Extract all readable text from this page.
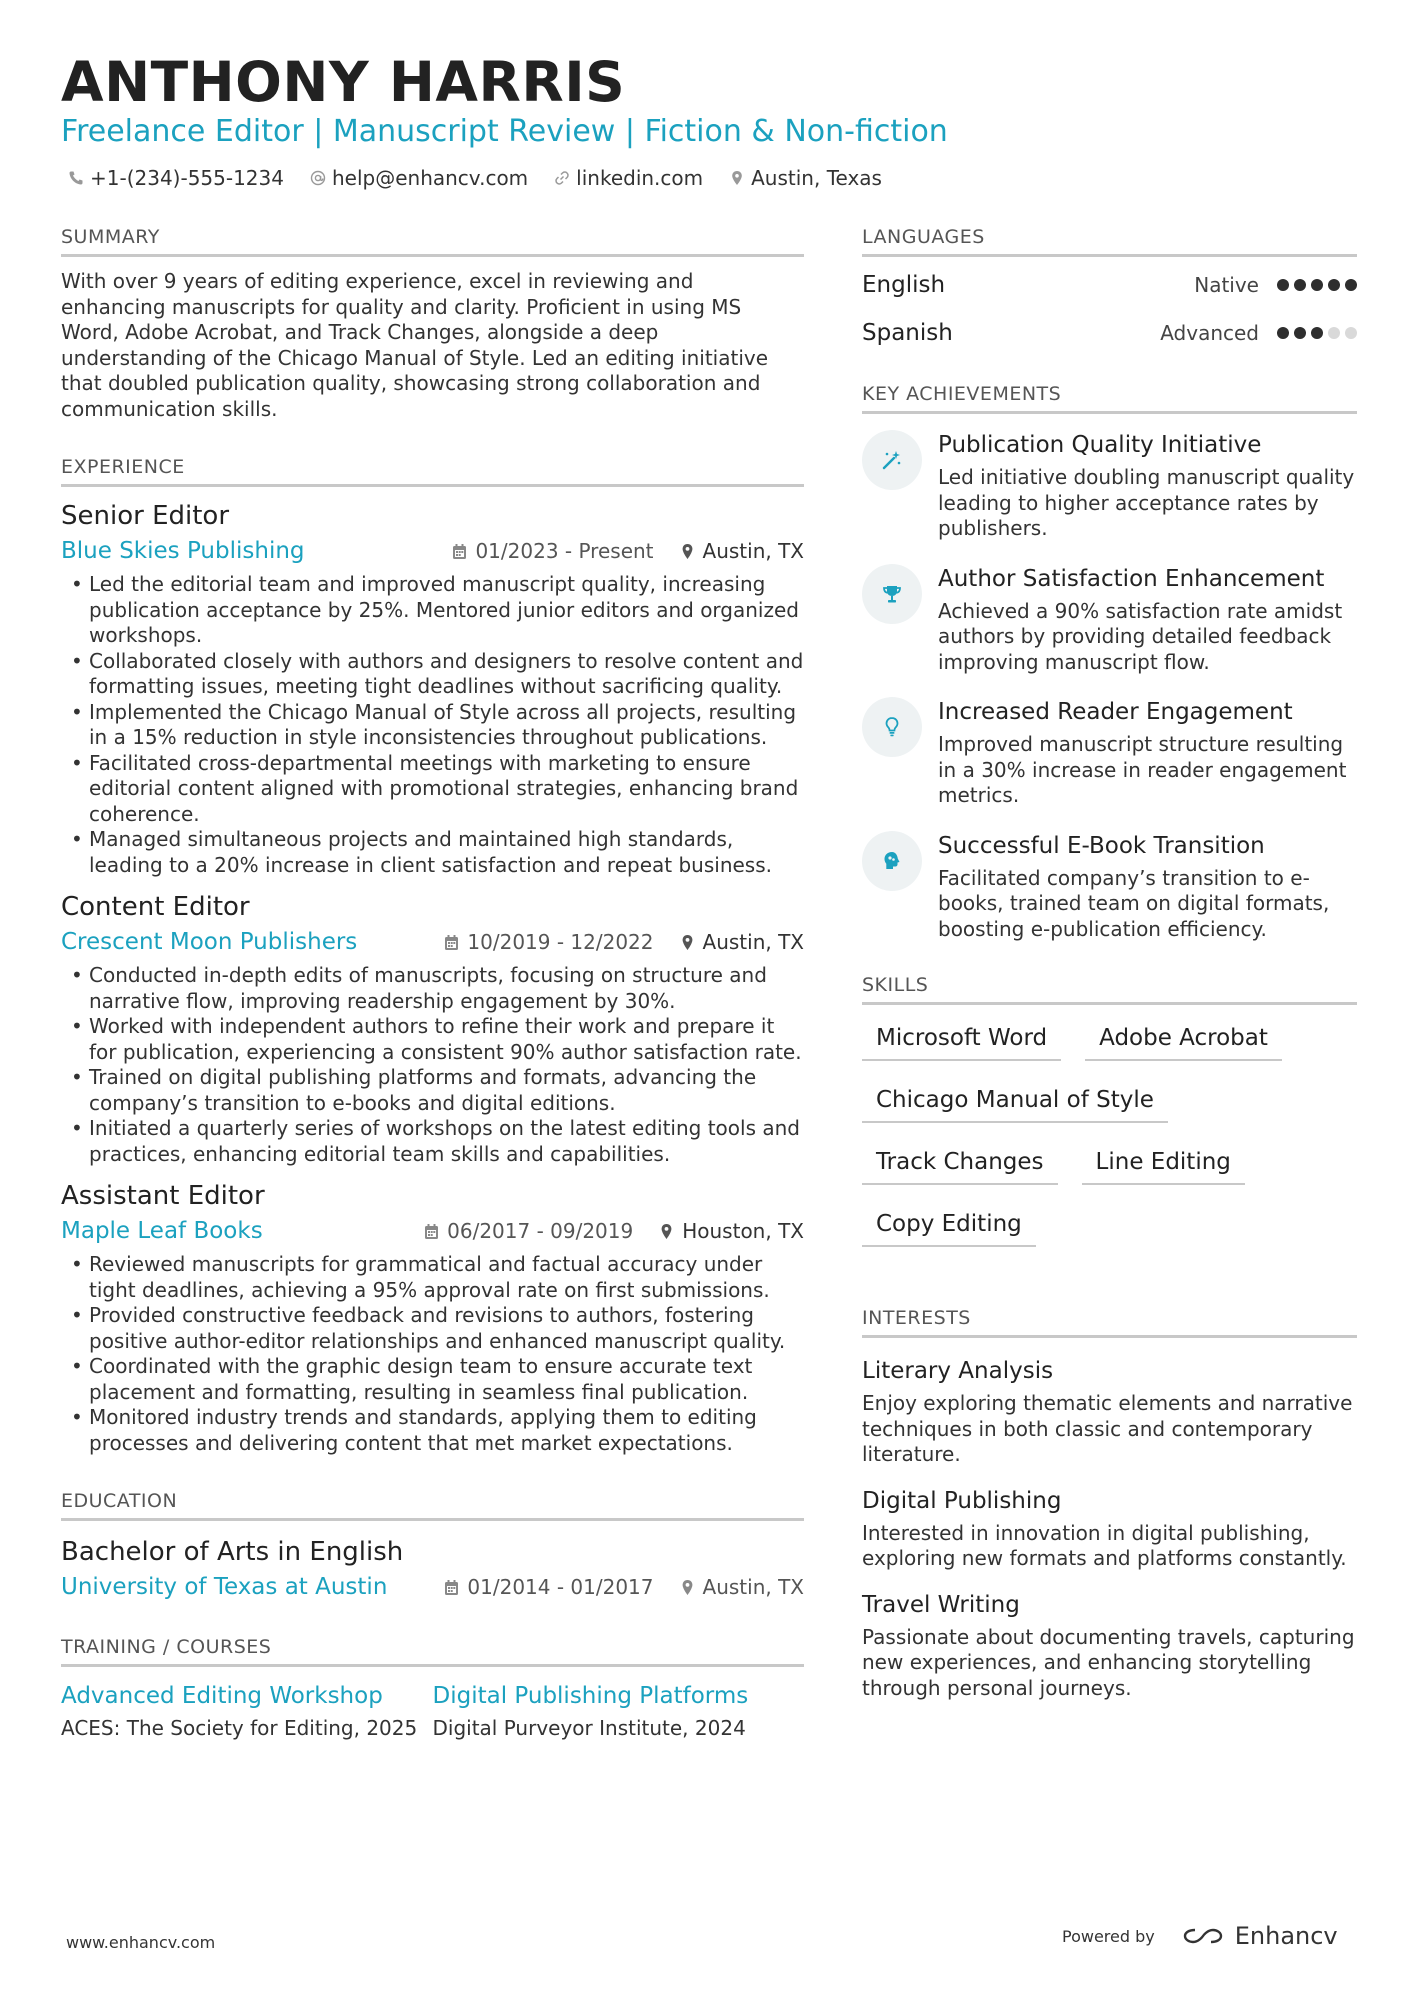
ANTHONY HARRIS
Freelance Editor | Manuscript Review | Fiction & Non-fiction
+1-(234)-555-1234 help@enhancv.com linkedin.com Austin, Texas
SUMMARY
With over 9 years of editing experience, excel in reviewing and enhancing manuscripts for quality and clarity. Proficient in using MS Word, Adobe Acrobat, and Track Changes, alongside a deep understanding of the Chicago Manual of Style. Led an editing initiative that doubled publication quality, showcasing strong collaboration and communication skills.
EXPERIENCE
Senior Editor
Blue Skies Publishing	01/2023 - Present Austin, TX
• Led the editorial team and improved manuscript quality, increasing publication acceptance by 25%. Mentored junior editors and organized workshops.
• Collaborated closely with authors and designers to resolve content and formatting issues, meeting tight deadlines without sacrificing quality.
• Implemented the Chicago Manual of Style across all projects, resulting in a 15% reduction in style inconsistencies throughout publications.
• Facilitated cross-departmental meetings with marketing to ensure editorial content aligned with promotional strategies, enhancing brand coherence.
• Managed simultaneous projects and maintained high standards, leading to a 20% increase in client satisfaction and repeat business.
Content Editor
Crescent Moon Publishers	10/2019 - 12/2022 Austin, TX
• Conducted in-depth edits of manuscripts, focusing on structure and narrative flow, improving readership engagement by 30%.
• Worked with independent authors to refine their work and prepare it for publication, experiencing a consistent 90% author satisfaction rate.
• Trained on digital publishing platforms and formats, advancing the company’s transition to e-books and digital editions.
• Initiated a quarterly series of workshops on the latest editing tools and practices, enhancing editorial team skills and capabilities.
Assistant Editor
Maple Leaf Books	06/2017 - 09/2019 Houston, TX
• Reviewed manuscripts for grammatical and factual accuracy under tight deadlines, achieving a 95% approval rate on first submissions.
• Provided constructive feedback and revisions to authors, fostering positive author-editor relationships and enhanced manuscript quality.
• Coordinated with the graphic design team to ensure accurate text placement and formatting, resulting in seamless final publication.
• Monitored industry trends and standards, applying them to editing processes and delivering content that met market expectations.
EDUCATION
Bachelor of Arts in English
University of Texas at Austin	01/2014 - 01/2017 Austin, TX
TRAINING / COURSES
Advanced Editing Workshop
ACES: The Society for Editing, 2025
Digital Publishing Platforms
Digital Purveyor Institute, 2024
LANGUAGES
English	Native
Spanish	Advanced
KEY ACHIEVEMENTS
Publication Quality Initiative
Led initiative doubling manuscript quality leading to higher acceptance rates by publishers.
Author Satisfaction Enhancement
Achieved a 90% satisfaction rate amidst authors by providing detailed feedback improving manuscript flow.
Increased Reader Engagement
Improved manuscript structure resulting in a 30% increase in reader engagement metrics.
Successful E-Book Transition
Facilitated company’s transition to e-books, trained team on digital formats, boosting e-publication efficiency.
SKILLS
Microsoft Word	Adobe Acrobat
Chicago Manual of Style
Track Changes	Line Editing
Copy Editing
INTERESTS
Literary Analysis
Enjoy exploring thematic elements and narrative techniques in both classic and contemporary literature.
Digital Publishing
Interested in innovation in digital publishing, exploring new formats and platforms constantly.
Travel Writing
Passionate about documenting travels, capturing new experiences, and enhancing storytelling through personal journeys.
www.enhancv.com	Powered by	Enhancv
